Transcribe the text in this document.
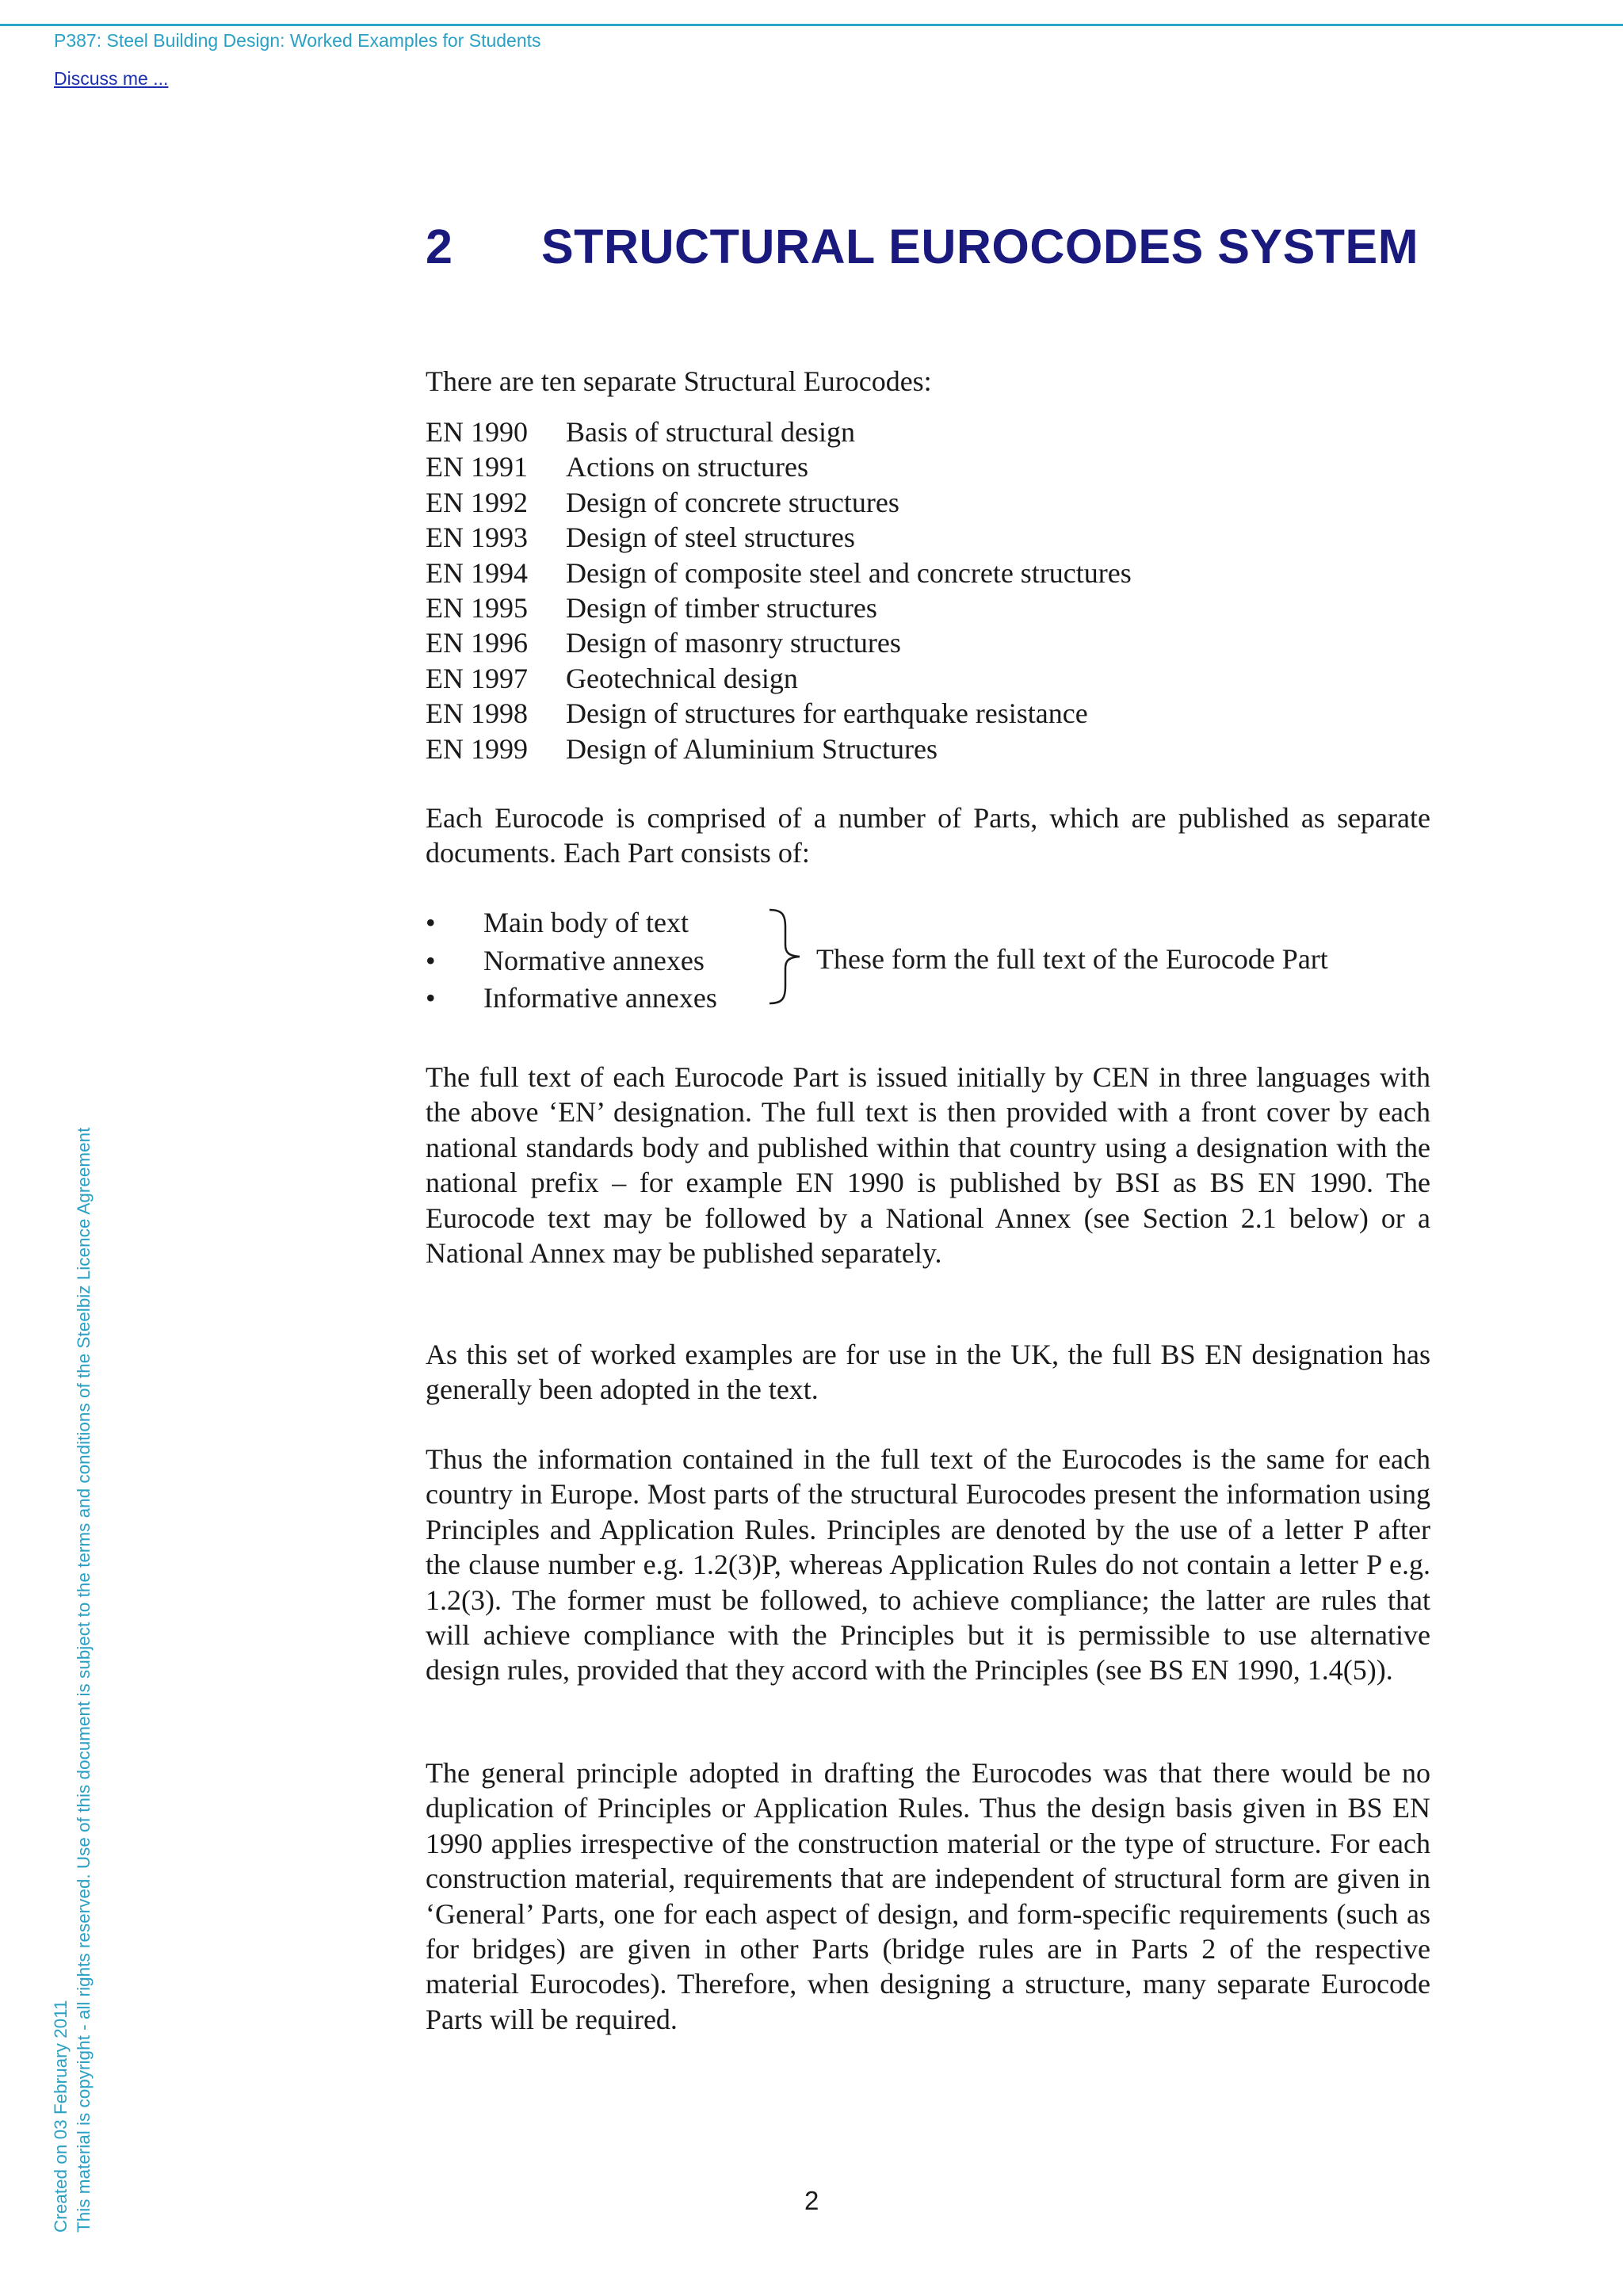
P387: Steel Building Design: Worked Examples for Students
Discuss me ...
Created on 03 February 2011 This material is copyright - all rights reserved. Use of this document is subject to the terms and conditions of the Steelbiz Licence Agreement
2 STRUCTURAL EUROCODES SYSTEM
There are ten separate Structural Eurocodes:
EN 1990	Basis of structural design
EN 1991	Actions on structures
EN 1992	Design of concrete structures
EN 1993	Design of steel structures
EN 1994	Design of composite steel and concrete structures
EN 1995	Design of timber structures
EN 1996	Design of masonry structures
EN 1997	Geotechnical design
EN 1998	Design of structures for earthquake resistance
EN 1999	Design of Aluminium Structures
Each Eurocode is comprised of a number of Parts, which are published as separate documents. Each Part consists of:
•	Main body of text
•	Normative annexes
•	Informative annexes
These form the full text of the Eurocode Part
The full text of each Eurocode Part is issued initially by CEN in three languages with the above ‘EN’ designation. The full text is then provided with a front cover by each national standards body and published within that country using a designation with the national prefix – for example EN 1990 is published by BSI as BS EN 1990. The Eurocode text may be followed by a National Annex (see Section 2.1 below) or a National Annex may be published separately.
As this set of worked examples are for use in the UK, the full BS EN designation has generally been adopted in the text.
Thus the information contained in the full text of the Eurocodes is the same for each country in Europe. Most parts of the structural Eurocodes present the information using Principles and Application Rules. Principles are denoted by the use of a letter P after the clause number e.g. 1.2(3)P, whereas Application Rules do not contain a letter P e.g. 1.2(3). The former must be followed, to achieve compliance; the latter are rules that will achieve compliance with the Principles but it is permissible to use alternative design rules, provided that they accord with the Principles (see BS EN 1990, 1.4(5)).
The general principle adopted in drafting the Eurocodes was that there would be no duplication of Principles or Application Rules. Thus the design basis given in BS EN 1990 applies irrespective of the construction material or the type of structure. For each construction material, requirements that are independent of structural form are given in ‘General’ Parts, one for each aspect of design, and form-specific requirements (such as for bridges) are given in other Parts (bridge rules are in Parts 2 of the respective material Eurocodes). Therefore, when designing a structure, many separate Eurocode Parts will be required.
2
